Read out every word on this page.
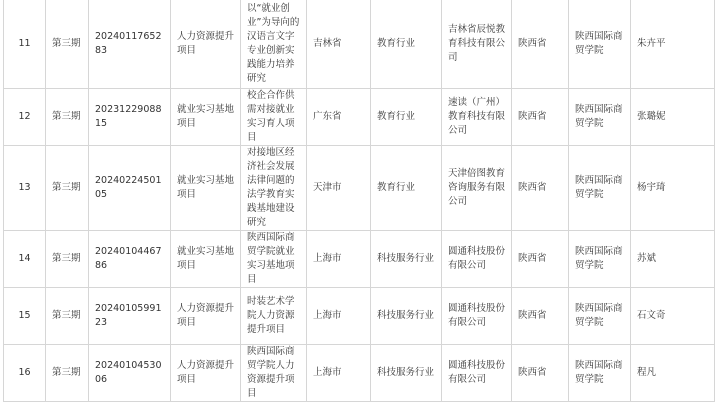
11	第三期	2024011765283	人力资源提升项目	以“就业创业”为导向的汉语言文字专业创新实践能力培养研究	吉林省	教育行业	吉林省辰悦教育科技有限公司	陕西省	陕西国际商贸学院	朱卉平
12	第三期	2023122908815	就业实习基地项目	校企合作供需对接就业实习育人项目	广东省	教育行业	速读（广州）教育科技有限公司	陕西省	陕西国际商贸学院	张璐妮
13	第三期	2024022450105	就业实习基地项目	对接地区经济社会发展法律问题的法学教育实践基地建设研究	天津市	教育行业	天津倍图教育咨询服务有限公司	陕西省	陕西国际商贸学院	杨宇琦
14	第三期	2024010446786	就业实习基地项目	陕西国际商贸学院就业实习基地项目	上海市	科技服务行业	圆通科技股份有限公司	陕西省	陕西国际商贸学院	苏斌
15	第三期	2024010599123	人力资源提升项目	时装艺术学院人力资源提升项目	上海市	科技服务行业	圆通科技股份有限公司	陕西省	陕西国际商贸学院	石文奇
16	第三期	2024010453006	人力资源提升项目	陕西国际商贸学院人力资源提升项目	上海市	科技服务行业	圆通科技股份有限公司	陕西省	陕西国际商贸学院	程凡
